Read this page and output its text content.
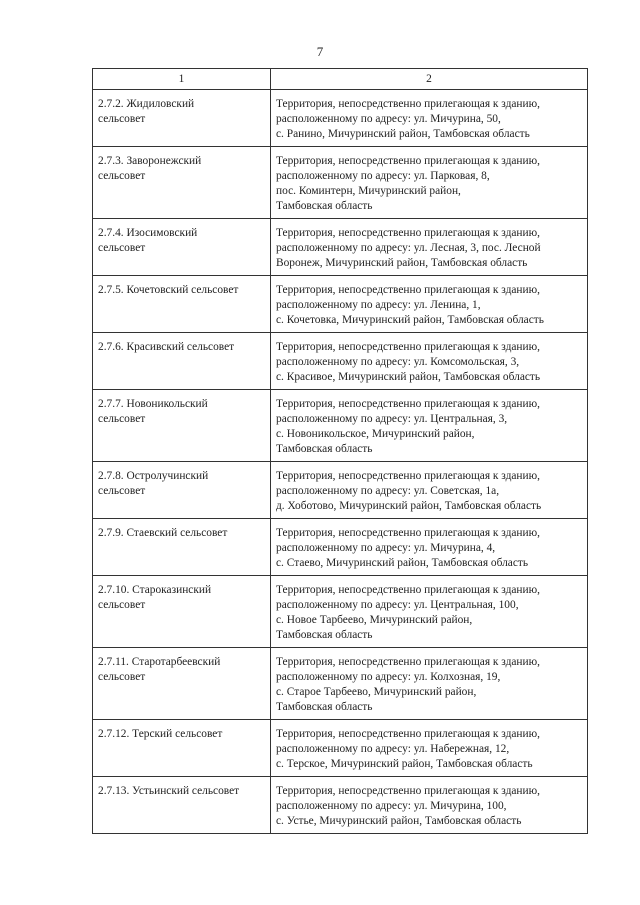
7
1	2
2.7.2. Жидиловский
сельсовет	Территория, непосредственно прилегающая к зданию,
расположенному по адресу: ул. Мичурина, 50,
с. Ранино, Мичуринский район, Тамбовская область
2.7.3. Заворонежский
сельсовет	Территория, непосредственно прилегающая к зданию,
расположенному по адресу: ул. Парковая, 8,
пос. Коминтерн, Мичуринский район,
Тамбовская область
2.7.4. Изосимовский
сельсовет	Территория, непосредственно прилегающая к зданию,
расположенному по адресу: ул. Лесная, 3, пос. Лесной
Воронеж, Мичуринский район, Тамбовская область
2.7.5. Кочетовский сельсовет	Территория, непосредственно прилегающая к зданию,
расположенному по адресу: ул. Ленина, 1,
с. Кочетовка, Мичуринский район, Тамбовская область
2.7.6. Красивский сельсовет	Территория, непосредственно прилегающая к зданию,
расположенному по адресу: ул. Комсомольская, 3,
с. Красивое, Мичуринский район, Тамбовская область
2.7.7. Новоникольский
сельсовет	Территория, непосредственно прилегающая к зданию,
расположенному по адресу: ул. Центральная, 3,
с. Новоникольское, Мичуринский район,
Тамбовская область
2.7.8. Остролучинский
сельсовет	Территория, непосредственно прилегающая к зданию,
расположенному по адресу: ул. Советская, 1а,
д. Хоботово, Мичуринский район, Тамбовская область
2.7.9. Стаевский сельсовет	Территория, непосредственно прилегающая к зданию,
расположенному по адресу: ул. Мичурина, 4,
с. Стаево, Мичуринский район, Тамбовская область
2.7.10. Староказинский
сельсовет	Территория, непосредственно прилегающая к зданию,
расположенному по адресу: ул. Центральная, 100,
с. Новое Тарбеево, Мичуринский район,
Тамбовская область
2.7.11. Старотарбеевский
сельсовет	Территория, непосредственно прилегающая к зданию,
расположенному по адресу: ул. Колхозная, 19,
с. Старое Тарбеево, Мичуринский район,
Тамбовская область
2.7.12. Терский сельсовет	Территория, непосредственно прилегающая к зданию,
расположенному по адресу: ул. Набережная, 12,
с. Терское, Мичуринский район, Тамбовская область
2.7.13. Устьинский сельсовет	Территория, непосредственно прилегающая к зданию,
расположенному по адресу: ул. Мичурина, 100,
с. Устье, Мичуринский район, Тамбовская область
